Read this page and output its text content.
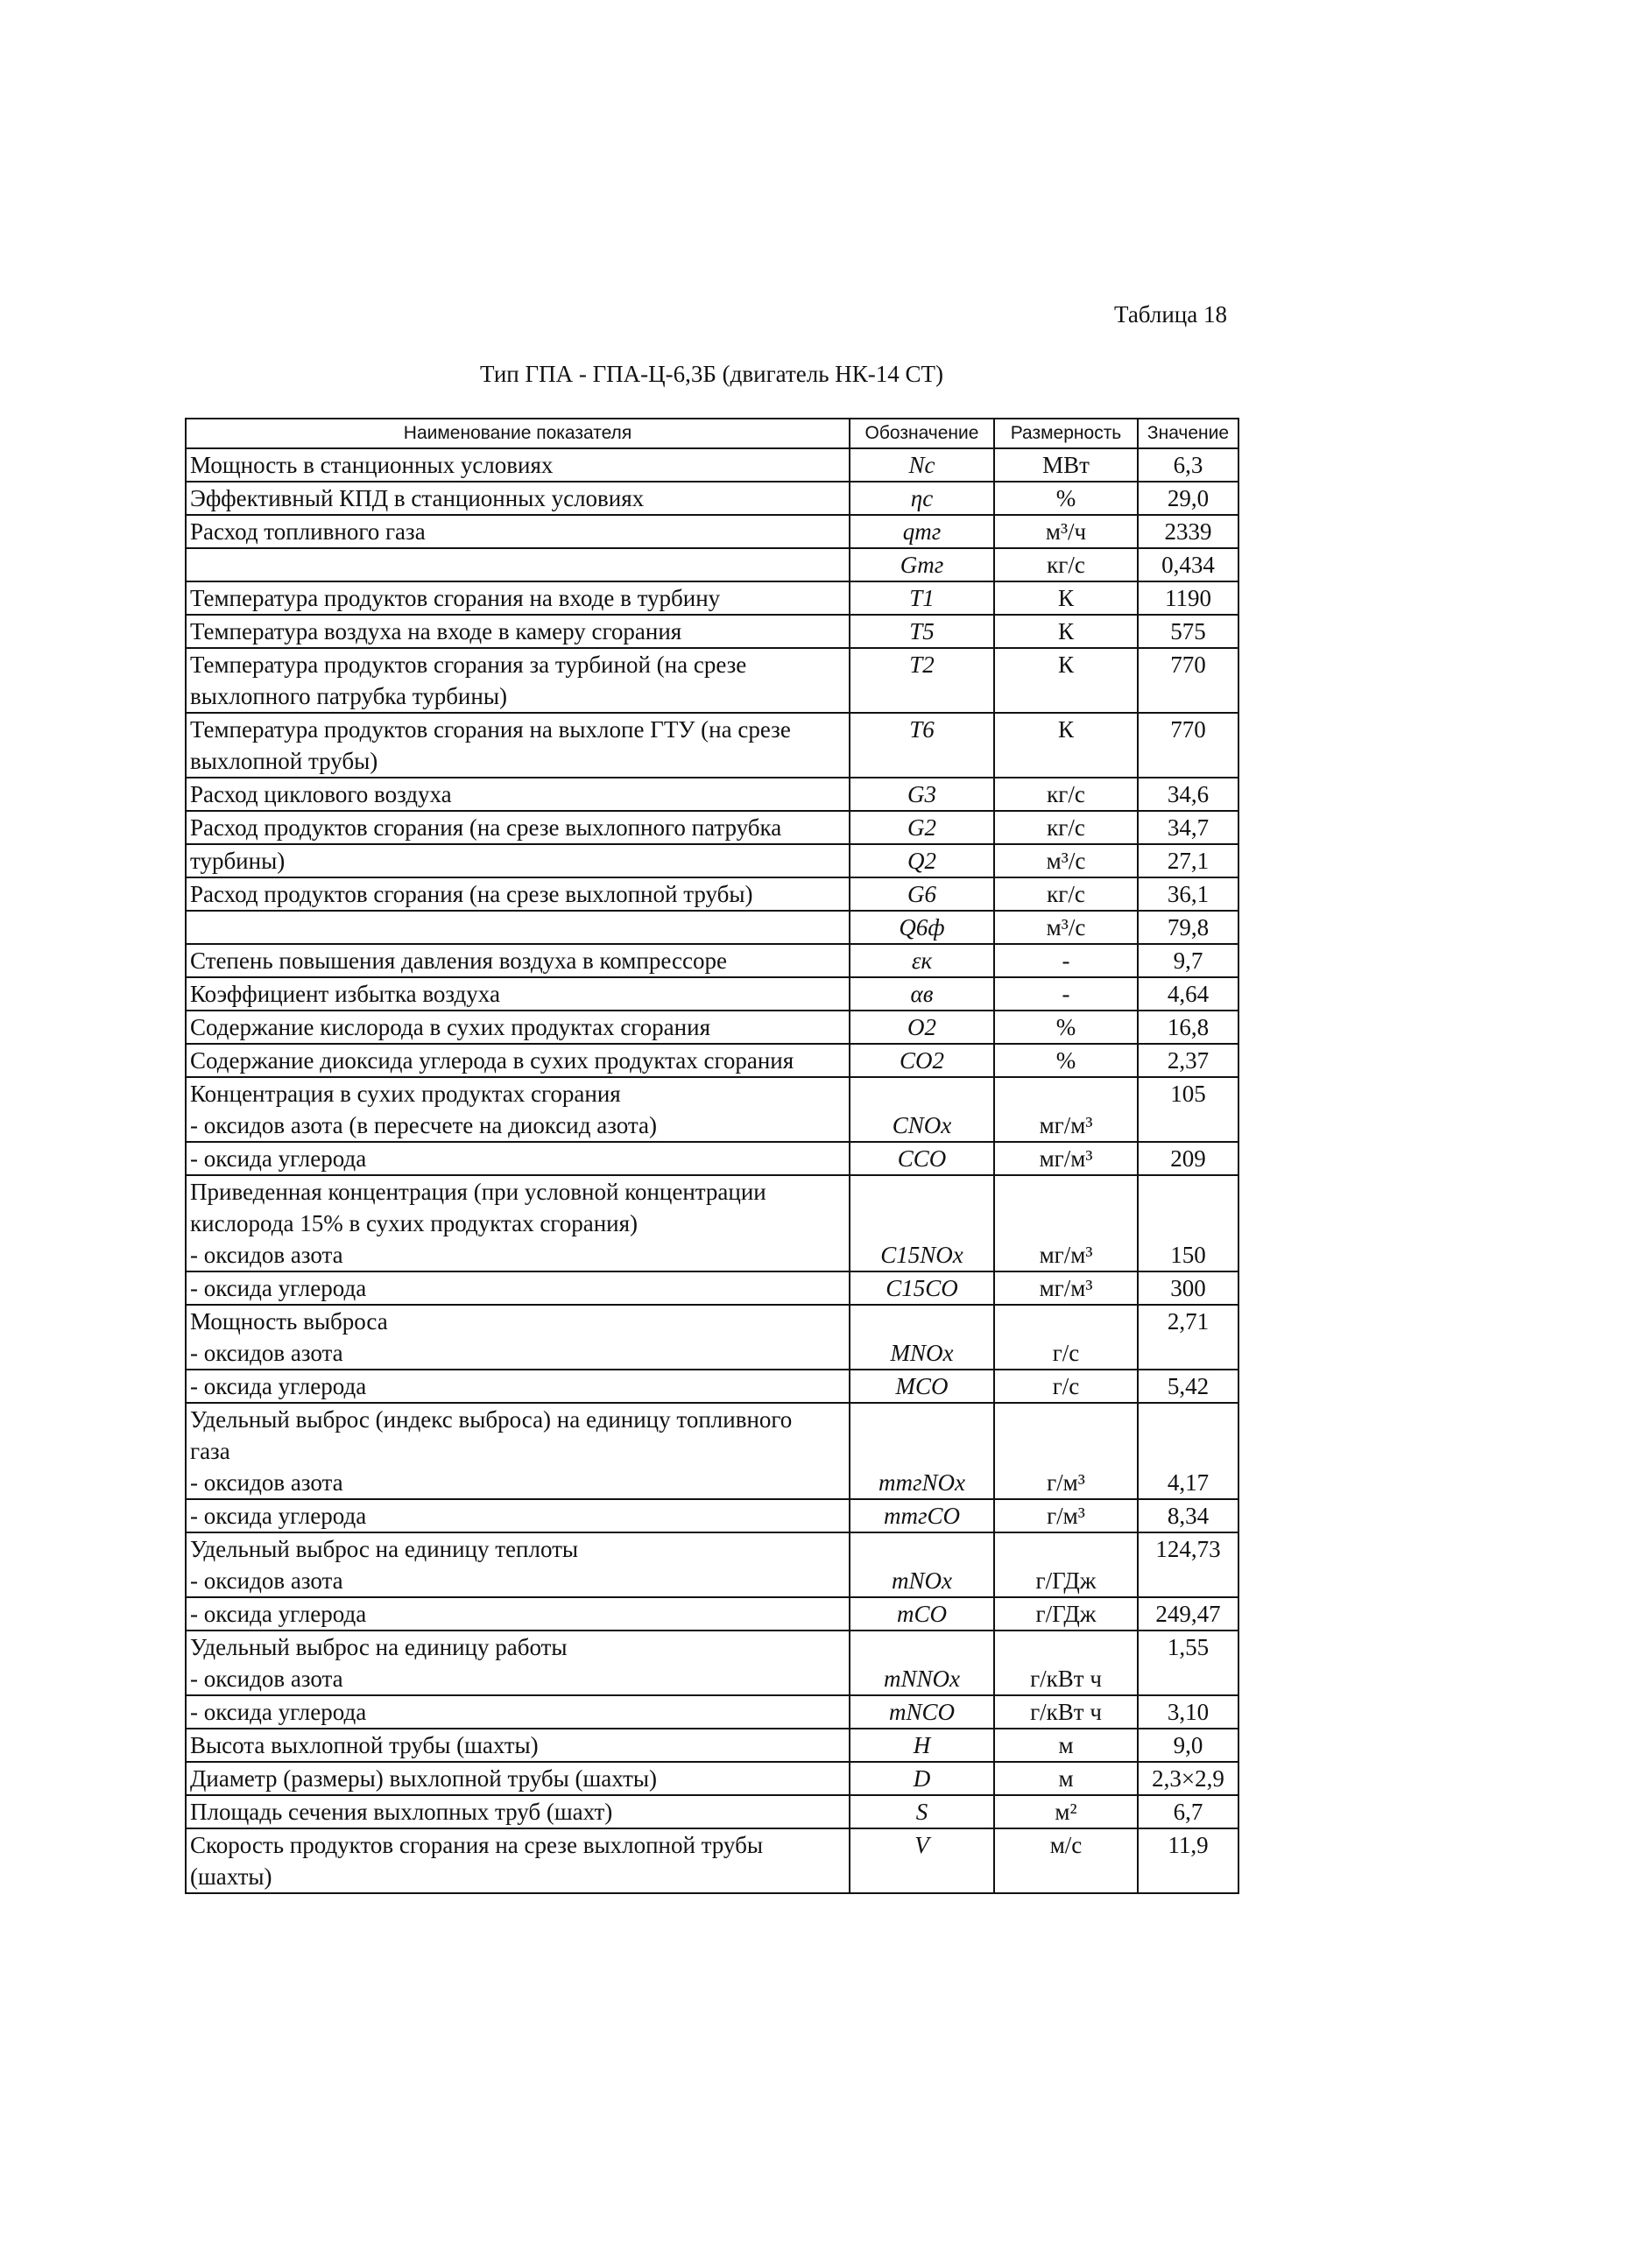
Таблица 18
Тип ГПА - ГПА-Ц-6,3Б (двигатель НК-14 СТ)
Наименование показателя	Обозначение	Размерность	Значение

Мощность в станционных условиях	Nc	МВт	6,3

Эффективный КПД в станционных условиях	ηc	%	29,0

Расход топливного газа	qтг	м³/ч	2339

	Gтг	кг/с	0,434

Температура продуктов сгорания на входе в турбину	T1	К	1190

Температура воздуха на входе в камеру сгорания	T5	К	575

Температура продуктов сгорания за турбиной (на срезе
выхлопного патрубка турбины)	T2	К	770

Температура продуктов сгорания на выхлопе ГТУ (на срезе
выхлопной трубы)	T6	К	770

Расход циклового воздуха	G3	кг/с	34,6

Расход продуктов сгорания (на срезе выхлопного патрубка	G2	кг/с	34,7

турбины)	Q2	м³/с	27,1

Расход продуктов сгорания (на срезе выхлопной трубы)	G6	кг/с	36,1

	Q6ф	м³/с	79,8

Степень повышения давления воздуха в компрессоре	εк	-	9,7

Коэффициент избытка воздуха	αв	-	4,64

Содержание кислорода в сухих продуктах сгорания	O2	%	16,8

Содержание диоксида углерода в сухих продуктах сгорания	CO2	%	2,37

Концентрация в сухих продуктах сгорания
- оксидов азота (в пересчете на диоксид азота)	CNOx	мг/м³	105

- оксида углерода	CCO	мг/м³	209

Приведенная концентрация (при условной концентрации
кислорода 15% в сухих продуктах сгорания)
- оксидов азота	C15NOx	мг/м³	150

- оксида углерода	C15CO	мг/м³	300

Мощность выброса
- оксидов азота	MNOx	г/с	2,71

- оксида углерода	MCO	г/с	5,42

Удельный выброс (индекс выброса) на единицу топливного
газа
- оксидов азота	mтгNOx	г/м³	4,17

- оксида углерода	mтгCO	г/м³	8,34

Удельный выброс на единицу теплоты
- оксидов азота	mNOx	г/ГДж	124,73

- оксида углерода	mCO	г/ГДж	249,47

Удельный выброс на единицу работы
- оксидов азота	mNNOx	г/кВт ч	1,55

- оксида углерода	mNCO	г/кВт ч	3,10

Высота выхлопной трубы (шахты)	H	м	9,0

Диаметр (размеры) выхлопной трубы (шахты)	D	м	2,3×2,9

Площадь сечения выхлопных труб (шахт)	S	м²	6,7

Скорость продуктов сгорания на срезе выхлопной трубы
(шахты)	V	м/с	11,9
